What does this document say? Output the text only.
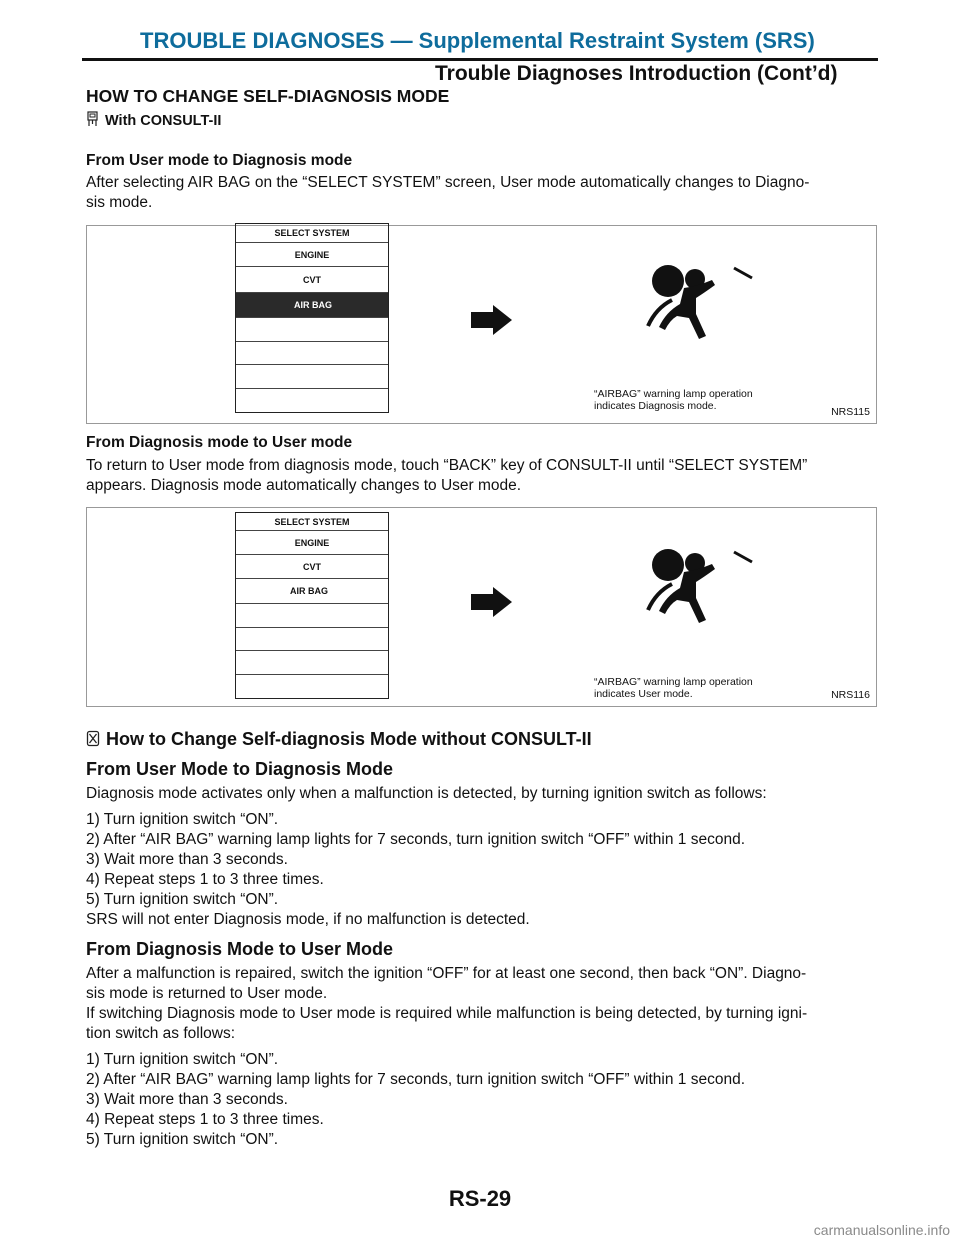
TROUBLE DIAGNOSES — Supplemental Restraint System (SRS)
Trouble Diagnoses Introduction (Cont’d)
HOW TO CHANGE SELF-DIAGNOSIS MODE
With CONSULT-II
From User mode to Diagnosis mode
After selecting AIR BAG on the “SELECT SYSTEM” screen, User mode automatically changes to Diagno-
sis mode.
SELECT SYSTEM
ENGINE
CVT
AIR BAG
“AIRBAG” warning lamp operation
indicates Diagnosis mode.	NRS115
From Diagnosis mode to User mode
To return to User mode from diagnosis mode, touch “BACK” key of CONSULT-II until “SELECT SYSTEM”
appears. Diagnosis mode automatically changes to User mode.
SELECT SYSTEM
ENGINE
CVT
AIR BAG
“AIRBAG” warning lamp operation
indicates User mode.	NRS116
How to Change Self-diagnosis Mode without CONSULT-II
From User Mode to Diagnosis Mode
Diagnosis mode activates only when a malfunction is detected, by turning ignition switch as follows:
1) Turn ignition switch “ON”.
2) After “AIR BAG” warning lamp lights for 7 seconds, turn ignition switch “OFF” within 1 second.
3) Wait more than 3 seconds.
4) Repeat steps 1 to 3 three times.
5) Turn ignition switch “ON”.
SRS will not enter Diagnosis mode, if no malfunction is detected.
From Diagnosis Mode to User Mode
After a malfunction is repaired, switch the ignition “OFF” for at least one second, then back “ON”. Diagno-
sis mode is returned to User mode.
If switching Diagnosis mode to User mode is required while malfunction is being detected, by turning igni-
tion switch as follows:
1) Turn ignition switch “ON”.
2) After “AIR BAG” warning lamp lights for 7 seconds, turn ignition switch “OFF” within 1 second.
3) Wait more than 3 seconds.
4) Repeat steps 1 to 3 three times.
5) Turn ignition switch “ON”.
RS-29
carmanualsonline.info
